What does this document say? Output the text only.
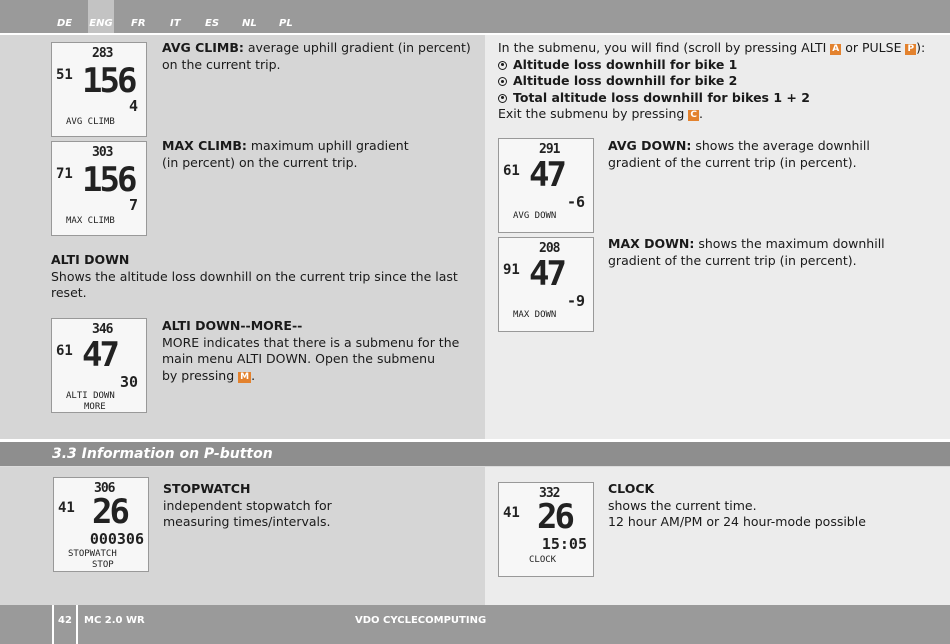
DE ENG FR IT ES NL PL
283
51 156
4
AVG CLIMB
AVG CLIMB: average uphill gradient (in percent) on the current trip.
303
71 156
7
MAX CLIMB
MAX CLIMB: maximum uphill gradient
(in percent) on the current trip.
ALTI DOWN
Shows the altitude loss downhill on the current trip since the last reset.
346
61 47
30
ALTI DOWN
MORE
ALTI DOWN--MORE--
MORE indicates that there is a submenu for the
main menu ALTI DOWN. Open the submenu
by pressing M .
In the submenu, you will find (scroll by pressing ALTI A or PULSE P ):
Altitude loss downhill for bike 1
Altitude loss downhill for bike 2
Total altitude loss downhill for bikes 1 + 2
Exit the submenu by pressing C .
291
61 47
-6
AVG DOWN
AVG DOWN: shows the average downhill
gradient of the current trip (in percent).
208
91 47
-9
MAX DOWN
MAX DOWN: shows the maximum downhill
gradient of the current trip (in percent).
3.3 Information on P-button
306
41 26
000306
STOPWATCH
STOP
STOPWATCH
independent stopwatch for
measuring times/intervals.
332
41 26
15:05
CLOCK
CLOCK
shows the current time.
12 hour AM/PM or 24 hour-mode possible
42 MC 2.0 WR	VDO CYCLECOMPUTING
